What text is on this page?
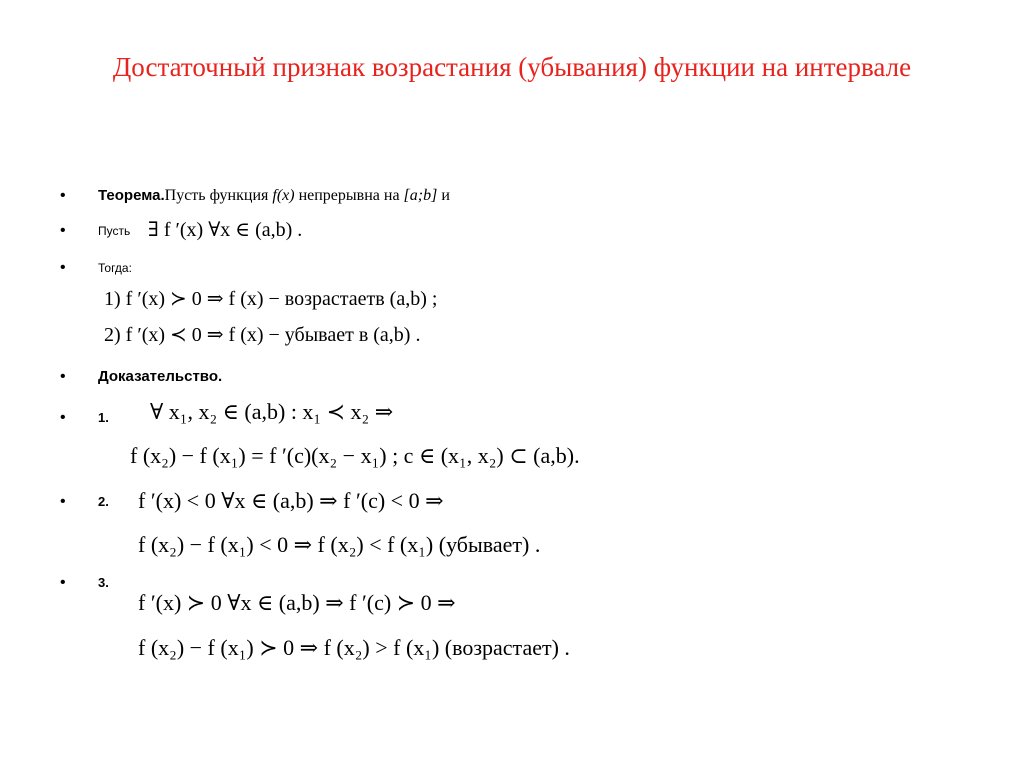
Достаточный признак возрастания (убывания) функции на интервале
• Теорема.Пусть функция f(x) непрерывна на [a;b] и
•	Пусть ∃ f ′(x) ∀x ∈ (a,b) .
•	Тогда:
1) f ′(x) ≻ 0 ⇒ f (x) − возрастаетв (a,b) ;
2) f ′(x) ≺ 0 ⇒ f (x) − убывает в (a,b) .
• Доказательство.
• 1. ∀ x₁, x₂ ∈ (a,b) : x₁ ≺ x₂ ⇒
f (x₂) − f (x₁) = f ′(c)(x₂ − x₁) ; c ∈ (x₁, x₂) ⊂ (a,b).
• 2. f ′(x) < 0 ∀x ∈ (a,b) ⇒ f ′(c) < 0 ⇒
f (x₂) − f (x₁) < 0 ⇒ f (x₂) < f (x₁) (убывает) .
• 3.
f ′(x) ≻ 0 ∀x ∈ (a,b) ⇒ f ′(c) ≻ 0 ⇒
f (x₂) − f (x₁) ≻ 0 ⇒ f (x₂) > f (x₁) (возрастает) .
